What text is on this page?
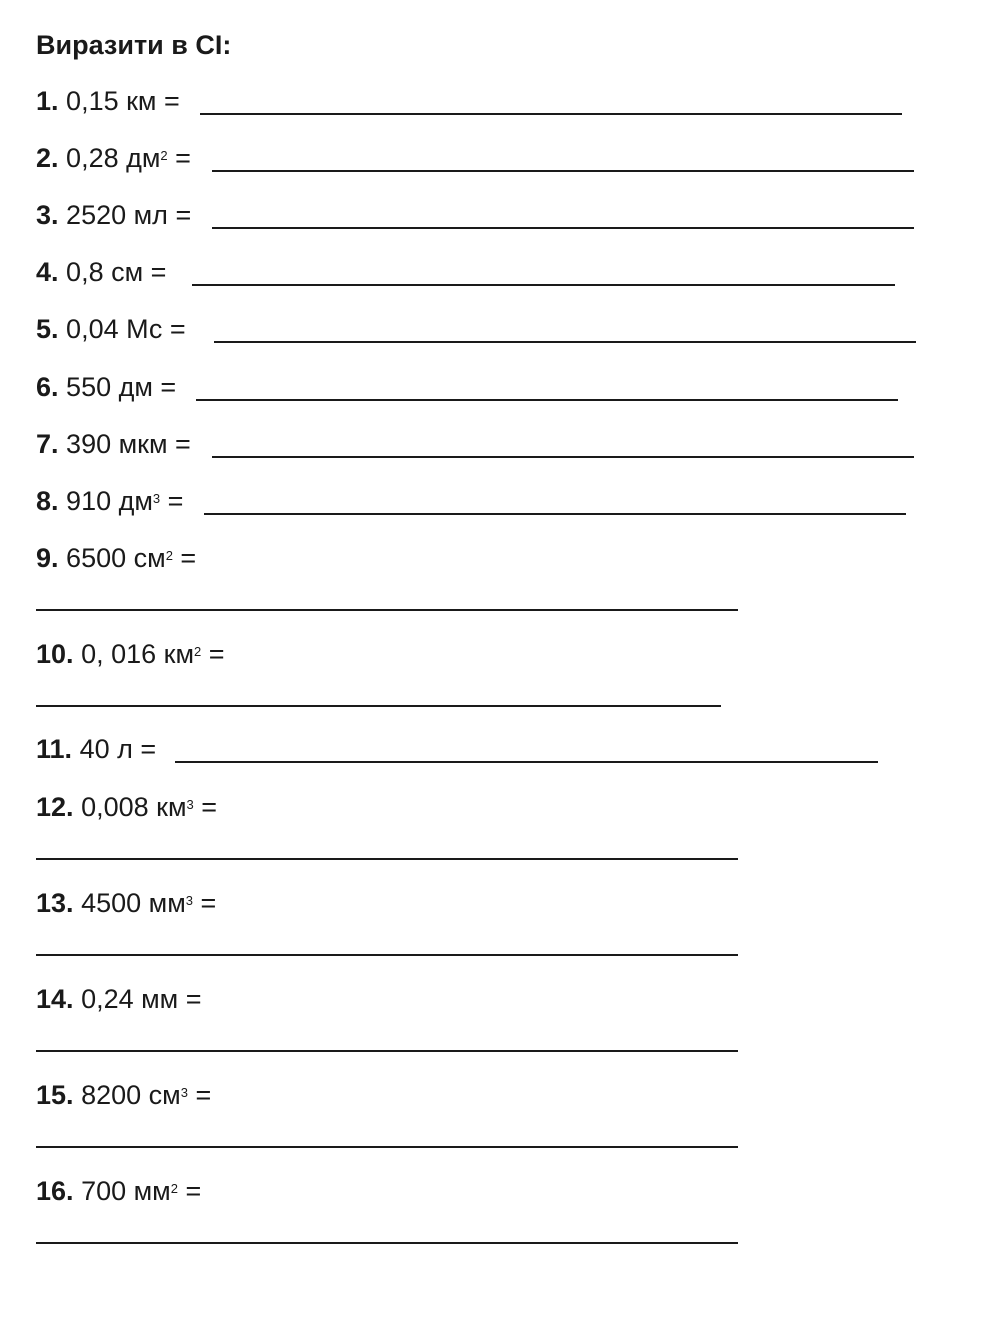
Виразити в СІ:
1. 0,15 км =
2. 0,28 $дм^2$ =
3. 2520 мл =
4. 0,8 см =
5. 0,04 Мс =
6. 550 дм =
7. 390 мкм =
8. 910 $дм^3$ =
9. 6500 $см^2$ =
10. 0, 016 $км^2$ =
11. 40 л =
12. 0,008 $км^3$ =
13. 4500 $мм^3$ =
14. 0,24 мм =
15. 8200 $см^3$ =
16. 700 $мм^2$ =
